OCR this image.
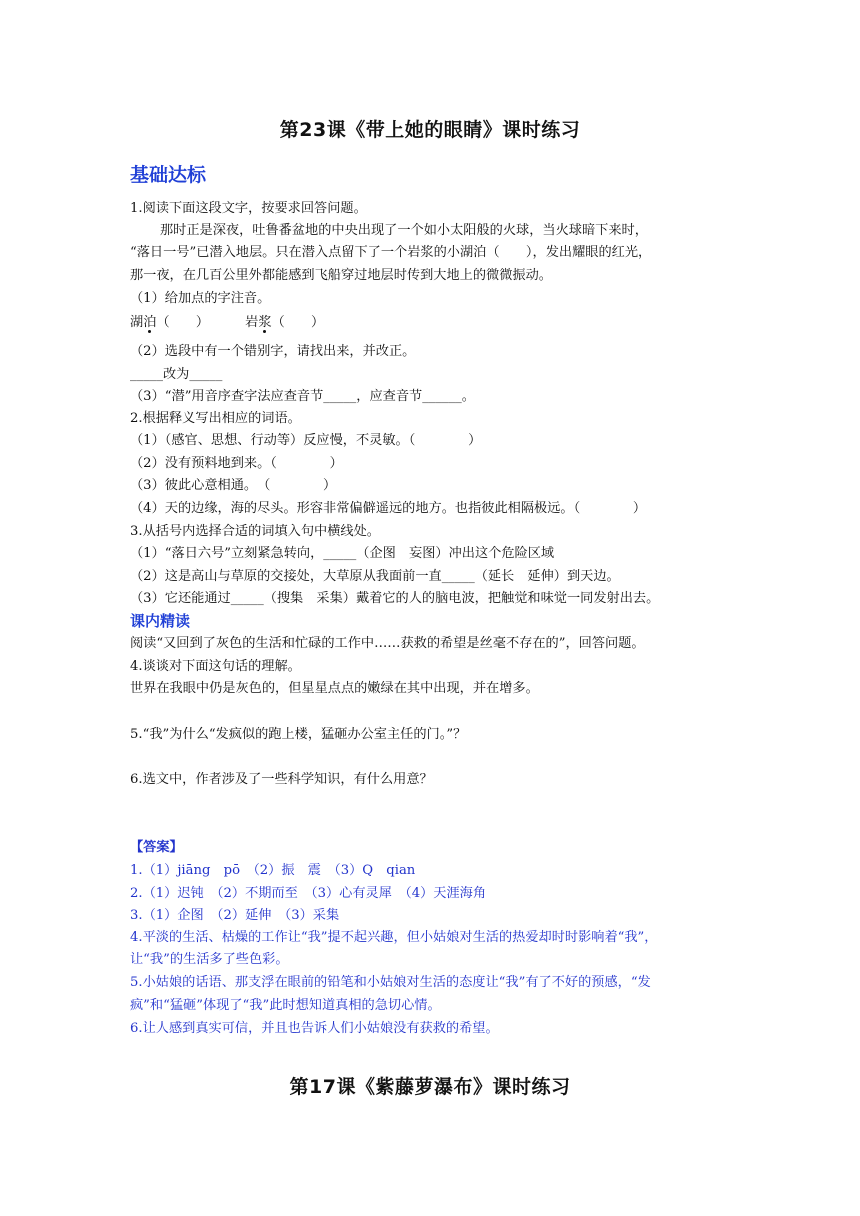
第23课《带上她的眼睛》课时练习
基础达标
1.阅读下面这段文字，按要求回答问题。
那时正是深夜，吐鲁番盆地的中央出现了一个如小太阳般的火球，当火球暗下来时，
“落日一号”已潜入地层。只在潜入点留下了一个岩浆的小湖泊（　　），发出耀眼的红光，
那一夜，在几百公里外都能感到飞船穿过地层时传到大地上的微微振动。
（1）给加点的字注音。
湖泊（　　）	岩浆（　　）
（2）选段中有一个错别字，请找出来，并改正。
_____改为_____
（3）“潜”用音序查字法应查音节_____，应查音节______。
2.根据释义写出相应的词语。
（1）（感官、思想、行动等）反应慢，不灵敏。（　　　　）
（2）没有预料地到来。（　　　　）
（3）彼此心意相通。　（　　　　）
（4）天的边缘，海的尽头。形容非常偏僻遥远的地方。也指彼此相隔极远。（　　　　）
3.从括号内选择合适的词填入句中横线处。
（1）“落日六号”立刻紧急转向，_____（企图　妄图）冲出这个危险区域
（2）这是高山与草原的交接处，大草原从我面前一直_____（延长　延伸）到天边。
（3）它还能通过_____（搜集　采集）戴着它的人的脑电波，把触觉和味觉一同发射出去。
课内精读
阅读“又回到了灰色的生活和忙碌的工作中……获救的希望是丝毫不存在的”，回答问题。
4.谈谈对下面这句话的理解。
世界在我眼中仍是灰色的，但星星点点的嫩绿在其中出现，并在增多。
5.“我”为什么“发疯似的跑上楼，猛砸办公室主任的门。”？
6.选文中，作者涉及了一些科学知识，有什么用意？
【答案】
1.（1）jiāng　pō　（2）振　震　（3）Q　qian
2.（1）迟钝　（2）不期而至　（3）心有灵犀　（4）天涯海角
3.（1）企图　（2）延伸　（3）采集
4.平淡的生活、枯燥的工作让“我”提不起兴趣，但小姑娘对生活的热爱却时时影响着“我”，
让“我”的生活多了些色彩。
5.小姑娘的话语、那支浮在眼前的铅笔和小姑娘对生活的态度让“我”有了不好的预感，“发
疯”和“猛砸”体现了“我”此时想知道真相的急切心情。
6.让人感到真实可信，并且也告诉人们小姑娘没有获救的希望。
第17课《紫藤萝瀑布》课时练习
